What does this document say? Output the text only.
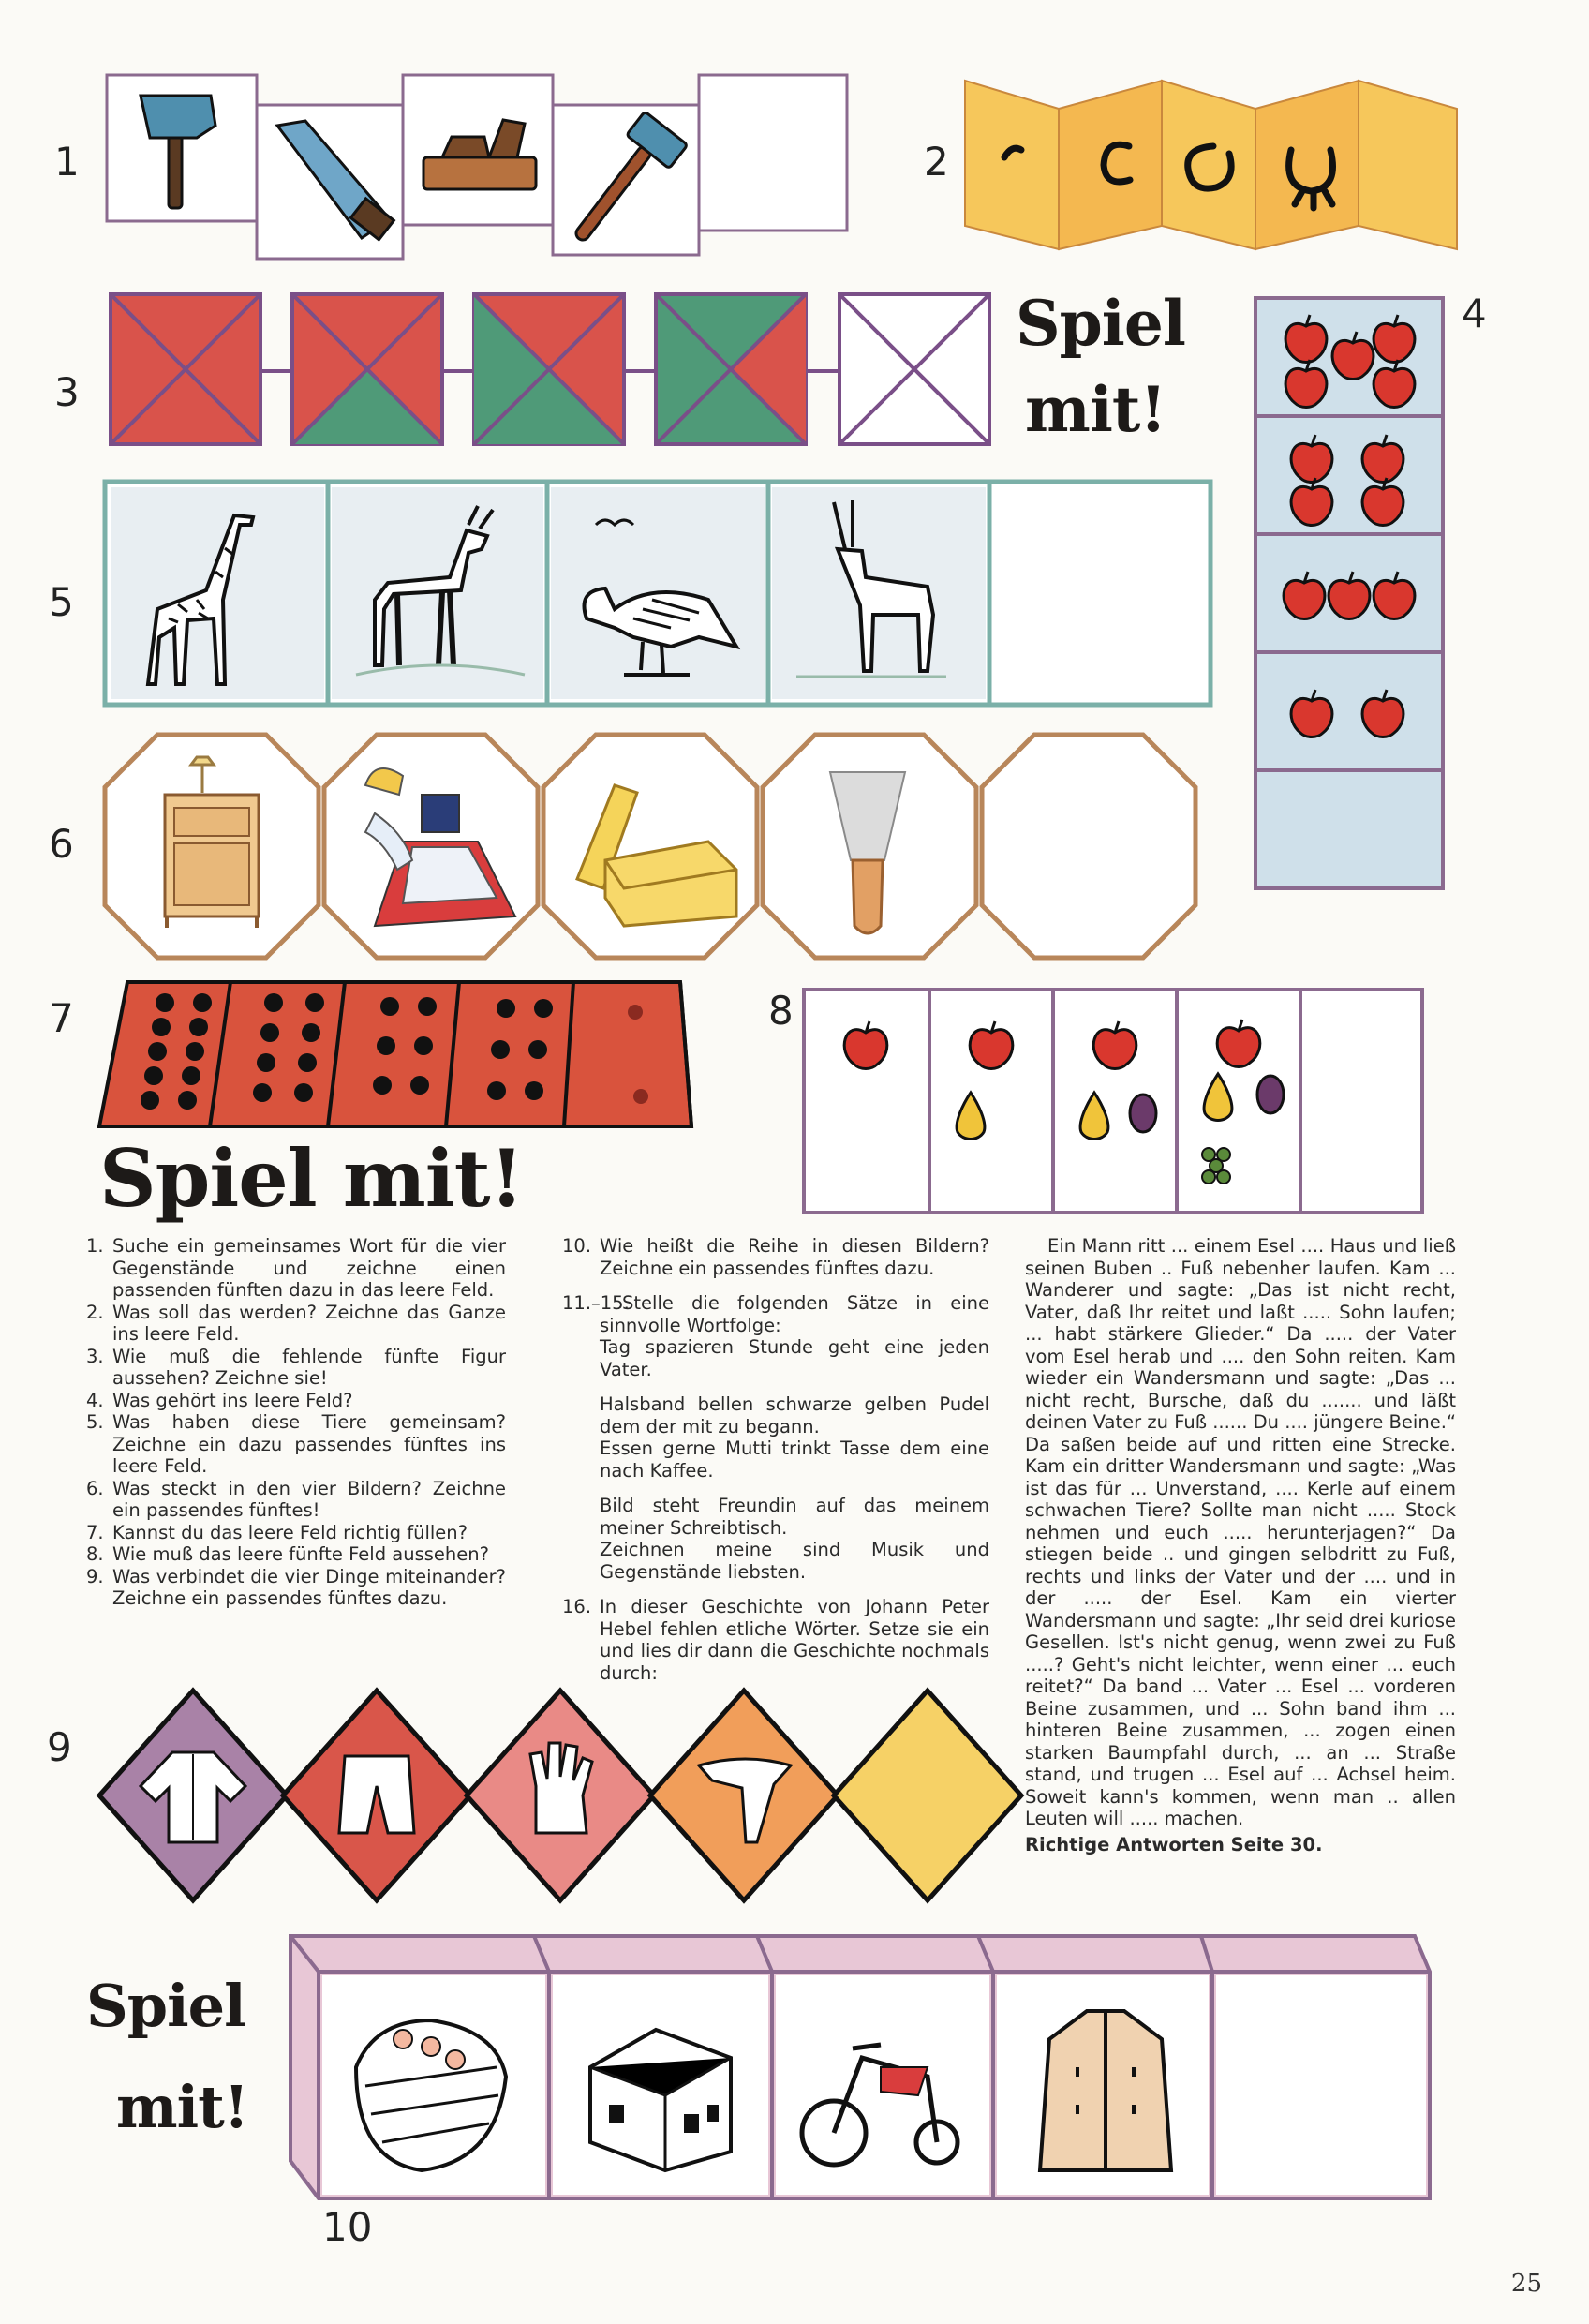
1	2
3
4
5
6
7	8
9
10
Spiel
mit!
Spiel mit!
1. Suche ein gemeinsames Wort für die vier Gegenstände und zeichne einen passenden fünften dazu in das leere Feld.
2. Was soll das werden? Zeichne das Ganze ins leere Feld.
3. Wie muß die fehlende fünfte Figur aussehen? Zeichne sie!
4. Was gehört ins leere Feld?
5. Was haben diese Tiere gemeinsam? Zeichne ein dazu passendes fünftes ins leere Feld.
6. Was steckt in den vier Bildern? Zeichne ein passendes fünftes!
7. Kannst du das leere Feld richtig füllen?
8. Wie muß das leere fünfte Feld aussehen?
9. Was verbindet die vier Dinge miteinander? Zeichne ein passendes fünftes dazu.
10. Wie heißt die Reihe in diesen Bildern? Zeichne ein passendes fünftes dazu.
11.–15.
Stelle die folgenden Sätze in eine sinnvolle Wortfolge:

Tag spazieren Stunde geht eine jeden Vater.

Halsband bellen schwarze gelben Pudel dem der mit zu begann.

Essen gerne Mutti trinkt Tasse dem eine nach Kaffee.

Bild steht Freundin auf das meinem meiner Schreibtisch.

Zeichnen meine sind Musik und Gegenstände liebsten.

16. In dieser Geschichte von Johann Peter Hebel fehlen etliche Wörter. Setze sie ein und lies dir dann die Geschichte nochmals durch:

Ein Mann ritt ... einem Esel .... Haus und ließ seinen Buben .. Fuß nebenher laufen. Kam ... Wanderer und sagte: „Das ist nicht recht, Vater, daß Ihr reitet und laßt ..... Sohn laufen; ... habt stärkere Glieder.“ Da ..... der Vater vom Esel herab und .... den Sohn reiten. Kam wieder ein Wandersmann und sagte: „Das ... nicht recht, Bursche, daß du ....... und läßt deinen Vater zu Fuß ...... Du .... jüngere Beine.“ Da saßen beide auf und ritten eine Strecke. Kam ein dritter Wandersmann und sagte: „Was ist das für ... Unverstand, .... Kerle auf einem schwachen Tiere? Sollte man nicht ..... Stock nehmen und euch ..... herunterjagen?“ Da stiegen beide .. und gingen selbdritt zu Fuß, rechts und links der Vater und der .... und in der ..... der Esel. Kam ein vierter Wandersmann und sagte: „Ihr seid drei kuriose Gesellen. Ist's nicht genug, wenn zwei zu Fuß .....? Geht's nicht leichter, wenn einer ... euch reitet?“ Da band ... Vater ... Esel ... vorderen Beine zusammen, und ... Sohn band ihm ... hinteren Beine zusammen, ... zogen einen starken Baumpfahl durch, ... an ... Straße stand, und trugen ... Esel auf ... Achsel heim. Soweit kann's kommen, wenn man .. allen Leuten will ..... machen.

Richtige Antworten Seite 30.

Spiel
mit!
25
